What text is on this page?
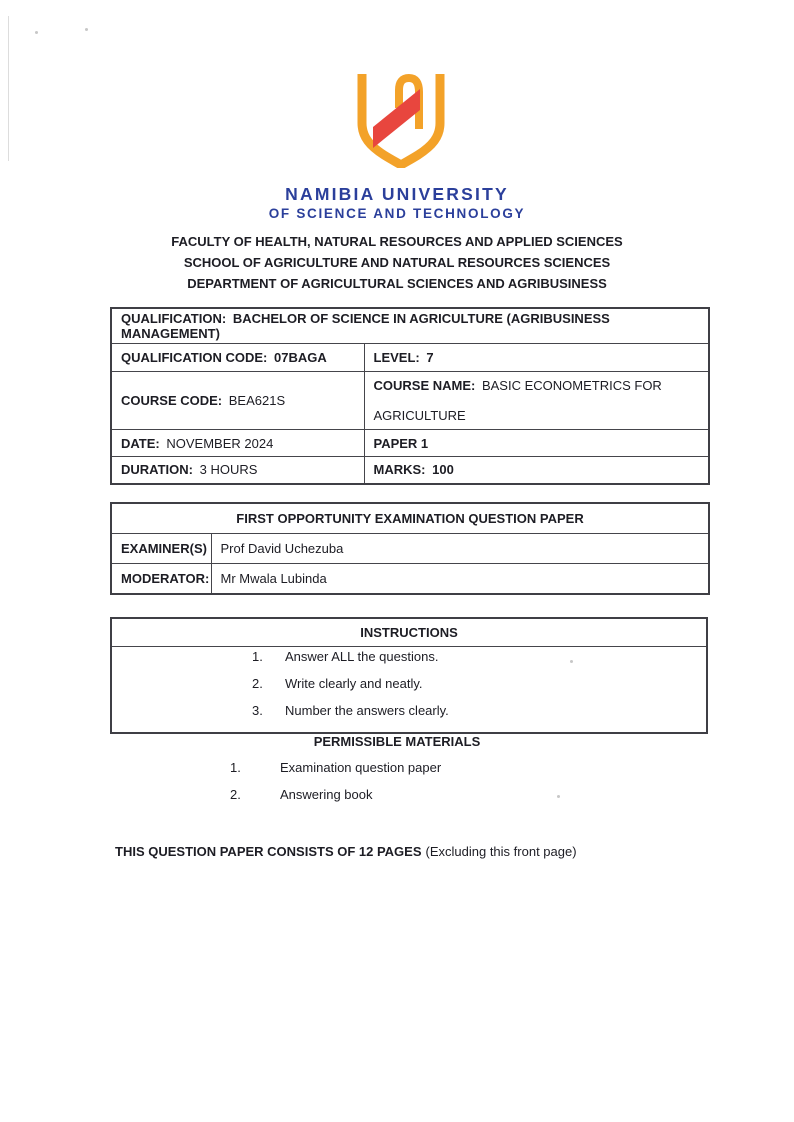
NAMIBIA UNIVERSITY
OF SCIENCE AND TECHNOLOGY
FACULTY OF HEALTH, NATURAL RESOURCES AND APPLIED SCIENCES
SCHOOL OF AGRICULTURE AND NATURAL RESOURCES SCIENCES
DEPARTMENT OF AGRICULTURAL SCIENCES AND AGRIBUSINESS
QUALIFICATION: BACHELOR OF SCIENCE IN AGRICULTURE (AGRIBUSINESS MANAGEMENT)	
QUALIFICATION CODE: 07BAGA	LEVEL: 7
COURSE CODE: BEA621S	COURSE NAME: BASIC ECONOMETRICS FOR
AGRICULTURE

DATE: NOVEMBER 2024	PAPER 1
DURATION: 3 HOURS	MARKS: 100
FIRST OPPORTUNITY EXAMINATION QUESTION PAPER	
EXAMINER(S)	Prof David Uchezuba
MODERATOR:	Mr Mwala Lubinda
INSTRUCTIONS

1. Answer ALL the questions.
2. Write clearly and neatly.
3. Number the answers clearly.
PERMISSIBLE MATERIALS
1.	Examination question paper
2.	Answering book
THIS QUESTION PAPER CONSISTS OF 12 PAGES (Excluding this front page)
